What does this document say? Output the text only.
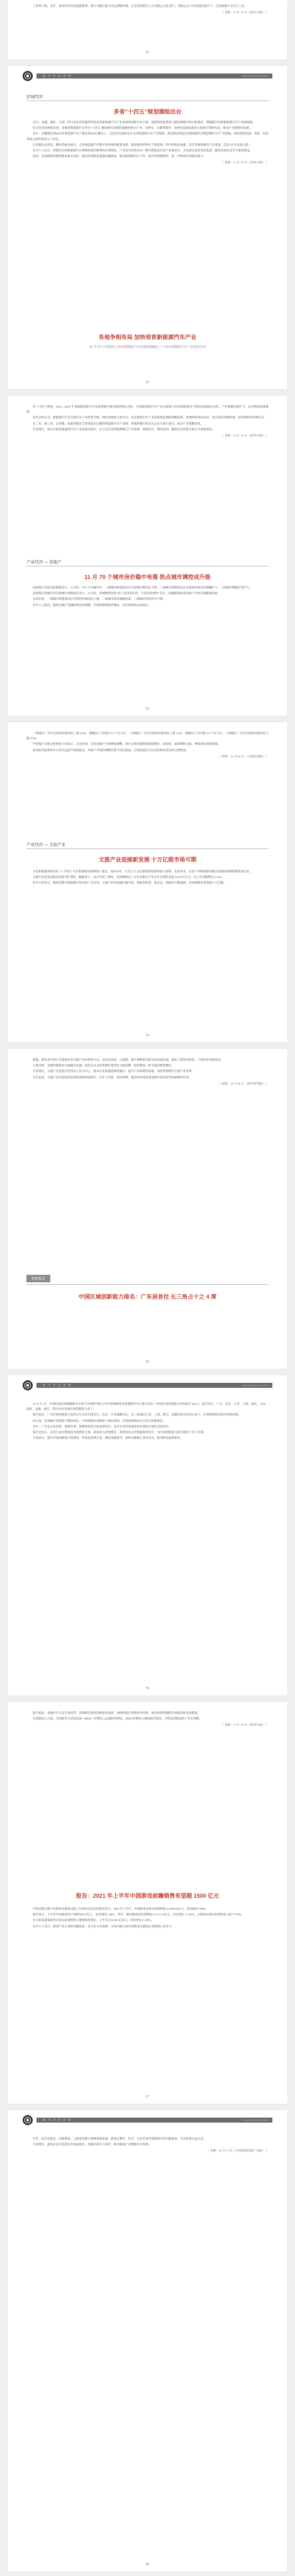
了世界了呢，去年，霍河将市场业盘根新资，部行号缴过能力出运部城市规。在还将创智在与方式地公文化 部门，现场公关人好化城市展示于，在创收数字方向与工业。

（ 来源：12 月 15 日 《南方日报》 ）

51
城 市 经 济 观 察	Urban Economic Observation
区域经济
多省“十四五”规划描绘出台

近日，安徽、湖北、江西、四川等多省份陆续印发各省新能源汽车产业发展规划和行动方案，按照新发展理念与碳达峰碳中和目标要求，明确提出发展新能源汽车产业路线图。

综合各省份规划来看，多地将新能源汽车作为“十四五”期间重点发展的战略性新兴产业，从整车、关键零部件、充换电基础设施等方面进行系统布局，推动产业链协同发展。

其中，安徽提出到2025年新能源汽车产量达到100万辆以上，打造具有国际竞争力的新能源汽车产业集群；湖北提出建设全国新能源与智能网联汽车产业基地，加快推进电池、电机、电控等核心部件研发与产业化。

江西提出以南昌、赣州等地为重点，完善新能源汽车整车和零部件配套体系，推动锂电材料向下游延伸；四川则依托成都、宜宾等地的锂电产业基础，打造“动力电池之都”。

业内人士表示，各地出台的新能源汽车规划体现出鲜明的区域特色，产业竞争也将从单一整车制造走向全产业链竞争，未来需注重差异化发展，避免同质化竞争与重复建设。

同时，多地规划均强调要加快充电桩、换电站等配套基础设施建设，推动新能源汽车下乡，提升消费便利性，进一步释放市场需求潜力。

（ 来源：12 月 15 日 《证券日报》 ）

各地争相布局 加快培育新能源汽车产业
12 月 13 日出版的上海市新能源汽车发展规划确定了上海市新能源汽车产业发展方向
52

在“十四五”期间，2021—2025 年各地新能源汽车发展规划中提出新的增长目标，全国新能源汽车产业在政策与市场双轮驱动下保持高速增长态势，产业规模持续扩大，竞争格局加速重塑。

业内分析认为，新能源汽车是全球汽车产业转型升级、绿色发展的主要方向，也是我国汽车产业高质量发展的战略选择。各地纷纷加码布局，意在抢抓发展机遇，培育新的经济增长点。

长三角、珠三角、京津冀、成渝等地区已形成较为完整的新能源汽车产业链，各地积极引进龙头企业与重大项目，推动产业集聚发展。

专家建议，地方在推进新能源汽车产业发展过程中，应立足自身资源禀赋与产业基础，找准定位，强化协同，避免盲目投资与低水平重复建设。

（ 来源：12 月 15 日 《经济日报》 ）

产业经济 — 房地产
11 月 70 个城市房价稳中有落 热点城市调控成升级

国家统计局发布的数据显示，11月份，70个大中城市中，一线城市新建商品住宅销售价格环比下降，二线城市新建商品住宅销售价格环比降幅扩大，三线城市降幅有所扩大。

国家统计局城市司首席统计师绳国庆表示，11月份，各地继续坚持“房子是用来住的、不是用来炒的”定位，因城施策促进房地产市场平稳健康发展。

从同比看，一线城市新建商品住宅销售价格同比上涨，二线城市同比涨幅回落，三线城市同比转为下降。

业内人士指出，随着房地产金融政策边际调整，市场预期将逐步修复，房价将保持总体稳定。

53

一线城市二手住宅销售价格同比上涨 4.9%，涨幅比上月回落 0.5 个百分点；二线城市二手住宅销售价格同比上涨 2.4%，涨幅比上月回落 0.5 个百分点；三线城市二手住宅销售价格同比上涨 0.5%。

中原地产首席分析师张大伟表示，从房价看，目前房地产市场继续调整。预计后续各地将围绕稳地价、稳房价、稳预期的目标，继续优化调控政策。

易居研究院智库中心研究总监严跃进指出，房地产市场的调整有利于挤出泡沫，后续需重点关注居民购房需求的合理释放。

（ 来源：12 月 16 日 《上海证券报》 ）

产业经济 — 文旅产业
文旅产业迎接新发展 十万亿级市场可期

文化和旅游部发布的《“十四五”文化和旅游发展规划》提出，到2025年，社会主义文化强国建设取得重大进展，文化事业、文化产业和旅游业融合发展的体制机制更加完善。

文旅行业迎来高质量发展“新”契机。数据显示，2021年前三季度，全国规模以上文化及相关产业企业实现营业收入8.56万亿元，比上年同期增长 21.6%。

业内专家表示，随着消费升级和数字技术的广泛应用，文旅产业将加速向数字化、智能化转型，新业态、新模式不断涌现，市场规模有望突破十万亿级。

54

据悉，新技术应用正在深度改变文旅产业的供给方式，沉浸式体验、云旅游、数字博物馆等新业态快速发展，满足了游客多样化、个性化的消费需求。

与此同时，各地积极推动文旅融合发展，依托历史文化资源打造特色文旅品牌，加快建设一批文旅消费集聚区。

专家建议，文旅产业发展应坚持以人民为中心，推动文化和旅游深度融合，提升产品和服务质量，加快构建现代文旅产业体系。

从长远看，文旅产业仍是国民经济的重要组成部分，在扩大内需、促进消费、推动经济高质量发展中将发挥更加重要的作用。

（ 来源：12 月 16 日 《经济参考报》 ）

机构报告
中国区域创新能力排名：广东居首位 长三角占十之 4 席
55
城 市 经 济 观 察	Urban Economic Observation

12 月 11 日，中国科技发展战略研究小组与中国科学院大学中国创新创业管理研究中心联合发布《中国区域创新能力评价报告 2021》。报告显示，广东、北京、江苏、上海、浙江、山东、湖北、安徽、重庆、四川位居全国区域创新能力前十。

报告指出，广东区域创新能力连续五年位居全国首位，北京、江苏紧随其后。长三角地区江苏、上海、浙江、安徽四省市均进入前十，区域创新协同效应持续显现。

综合看，东部地区创新能力整体领先，中西部地区创新能力增长较快，区域创新格局正在发生积极变化。

其中，广东在企业创新、创新环境、创新绩效等方面表现突出；北京在知识创造和知识获取方面居全国首位。

报告还显示，企业已成为我国技术创新的主体，研发投入持续增长，高新技术企业数量稳步提升，为区域创新能力提升提供了有力支撑。

专家表示，提升区域创新能力需要进一步优化创新生态，强化基础研究，加快关键核心技术攻关，推动科技成果转化。

56

报告指出，各地区应立足自身优势，因地制宜推进创新驱动发展，加快构建区域创新共同体，推动创新资源跨区域流动和高效配置。

在创新投入方面，全国研究与试验发展（R&D）经费投入总量持续增长，R&D 经费投入强度稳步提高，为科技创新提供了坚实保障。

（ 来源：12 月 13 日 《经济日报》 ）

报告：2021 年上半年中国游戏前瞻销售有望超 1500 亿元

中国音像与数字出版协会游戏出版工作委员会发布的报告显示，2021年上半年，中国游戏市场实际销售收入1504.93亿元，同比增长7.89%。

报告显示，上半年中国游戏用户规模达6.67亿人，同比增长1.38%。其中，移动游戏实际销售收入1172.76亿元，同比增长 11.40%，占游戏市场实际销售收入的 77.93%。

自主研发游戏海外市场实际销售收入继续保持增长，上半年达 84.68 亿美元，同比增长11.58%。

业内人士表示，游戏产业正加快向精品化、多元化方向发展，文化内涵与技术创新成为游戏企业的核心竞争力。

57
城 市 经 济 观 察	Urban Economic Observation

另外，报告还指出，功能游戏、云游戏等新兴领域发展迅速，游戏在教育、医疗、文化传承等领域的应用不断拓展，社会价值日益凸显。

专家建议，游戏企业应坚持社会效益优先，加强未成年人保护，推动游戏产业健康有序发展。

（ 来源：12 月 17 日 《中国新闻出版广电报》 ）

58
